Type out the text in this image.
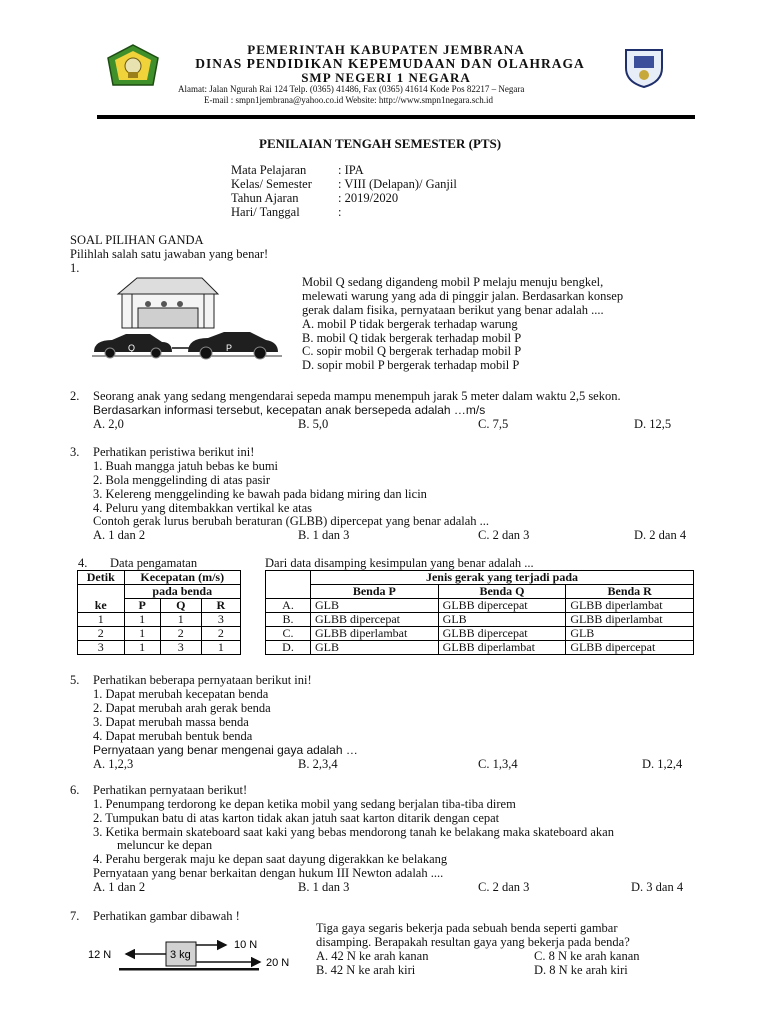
PEMERINTAH KABUPATEN JEMBRANA
DINAS PENDIDIKAN KEPEMUDAAN DAN OLAHRAGA
SMP NEGERI 1 NEGARA
Alamat: Jalan Ngurah Rai 124 Telp. (0365) 41486, Fax (0365) 41614 Kode Pos 82217 – Negara
E-mail : smpn1jembrana@yahoo.co.id Website: http://www.smpn1negara.sch.id
PENILAIAN TENGAH SEMESTER (PTS)
Mata Pelajaran	: IPA
Kelas/ Semester : VIII (Delapan)/ Ganjil
Tahun Ajaran	: 2019/2020
Hari/ Tanggal	:
SOAL PILIHAN GANDA
Pilihlah salah satu jawaban yang benar!
1.
Q	P
Mobil Q sedang digandeng mobil P melaju menuju bengkel,
melewati warung yang ada di pinggir jalan. Berdasarkan konsep
gerak dalam fisika, pernyataan berikut yang benar adalah ....
A. mobil P tidak bergerak terhadap warung
B. mobil Q tidak bergerak terhadap mobil P
C. sopir mobil Q bergerak terhadap mobil P
D. sopir mobil P bergerak terhadap mobil P
2. Seorang anak yang sedang mengendarai sepeda mampu menempuh jarak 5 meter dalam waktu 2,5 sekon.
Berdasarkan informasi tersebut, kecepatan anak bersepeda adalah …m/s
A. 2,0	B. 5,0	C. 7,5	D. 12,5
3. Perhatikan peristiwa berikut ini!
1. Buah mangga jatuh bebas ke bumi
2. Bola menggelinding di atas pasir
3. Kelereng menggelinding ke bawah pada bidang miring dan licin
4. Peluru yang ditembakkan vertikal ke atas
Contoh gerak lurus berubah beraturan (GLBB) dipercepat yang benar adalah ...
A. 1 dan 2	B. 1 dan 3	C. 2 dan 3	D. 2 dan 4
4. Data pengamatan	Dari data disamping kesimpulan yang benar adalah ...
Detik	Kecepatan (m/s)		
	pada benda		
ke	P	Q	R
1	1	1	3
2	1	2	2
3	1	3	1
	Jenis gerak yang terjadi pada		
	Benda P	Benda Q	Benda R
A.	GLB	GLBB dipercepat	GLBB diperlambat
B.	GLBB dipercepat	GLB	GLBB diperlambat
C.	GLBB diperlambat	GLBB dipercepat	GLB
D.	GLB	GLBB diperlambat	GLBB dipercepat
5. Perhatikan beberapa pernyataan berikut ini!
1. Dapat merubah kecepatan benda
2. Dapat merubah arah gerak benda
3. Dapat merubah massa benda
4. Dapat merubah bentuk benda
Pernyataan yang benar mengenai gaya adalah …
A. 1,2,3	B. 2,3,4	C. 1,3,4	D. 1,2,4
6. Perhatikan pernyataan berikut!
1. Penumpang terdorong ke depan ketika mobil yang sedang berjalan tiba-tiba direm
2. Tumpukan batu di atas karton tidak akan jatuh saat karton ditarik dengan cepat
3. Ketika bermain skateboard saat kaki yang bebas mendorong tanah ke belakang maka skateboard akan
meluncur ke depan
4. Perahu bergerak maju ke depan saat dayung digerakkan ke belakang
Pernyataan yang benar berkaitan dengan hukum III Newton adalah ....
A. 1 dan 2	B. 1 dan 3	C. 2 dan 3	D. 3 dan 4
7. Perhatikan gambar dibawah !
12 N	3 kg
10 N
20 N
Tiga gaya segaris bekerja pada sebuah benda seperti gambar
disamping. Berapakah resultan gaya yang bekerja pada benda?
A. 42 N ke arah kanan	C. 8 N ke arah kanan
B. 42 N ke arah kiri	D. 8 N ke arah kiri
